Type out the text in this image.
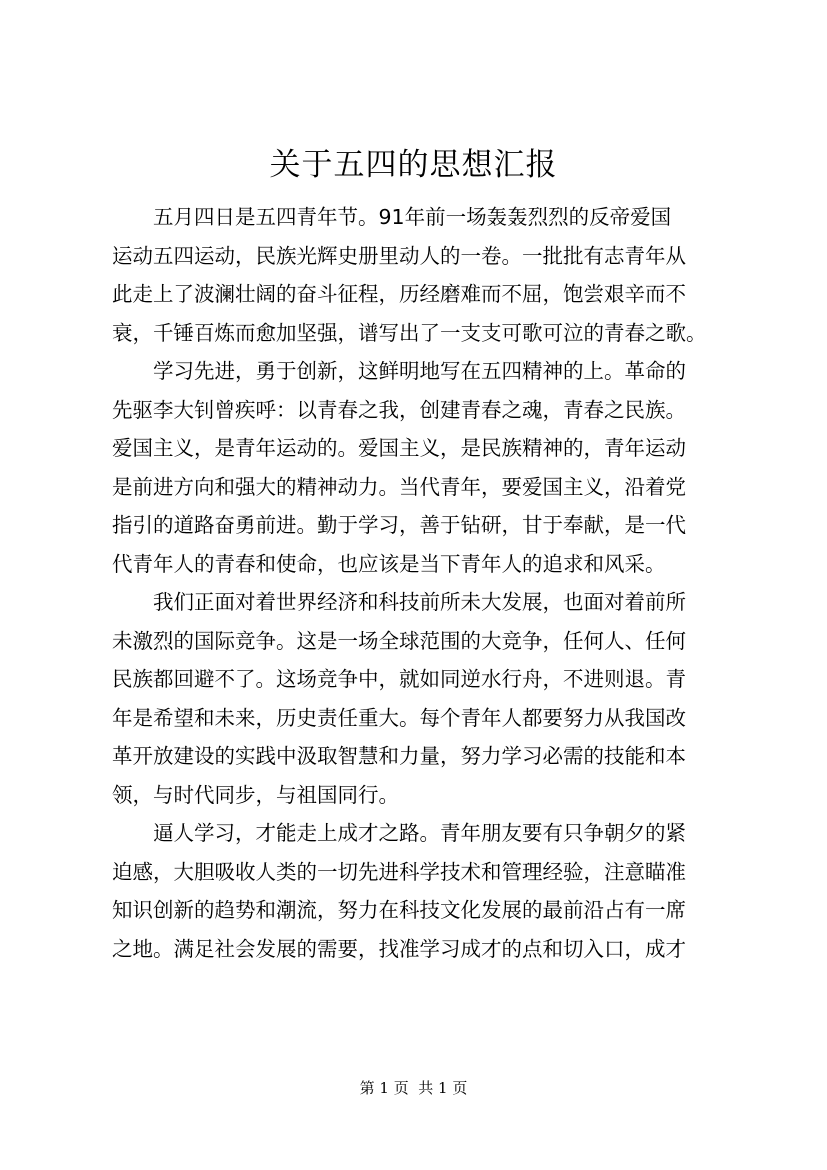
关于五四的思想汇报
　　五月四日是五四青年节。91年前一场轰轰烈烈的反帝爱国
运动五四运动，民族光辉史册里动人的一卷。一批批有志青年从
此走上了波澜壮阔的奋斗征程，历经磨难而不屈，饱尝艰辛而不
衰，千锤百炼而愈加坚强，谱写出了一支支可歌可泣的青春之歌。
　　学习先进，勇于创新，这鲜明地写在五四精神的上。革命的
先驱李大钊曾疾呼：以青春之我，创建青春之魂，青春之民族。
爱国主义，是青年运动的。爱国主义，是民族精神的，青年运动
是前进方向和强大的精神动力。当代青年，要爱国主义，沿着党
指引的道路奋勇前进。勤于学习，善于钻研，甘于奉献，是一代
代青年人的青春和使命，也应该是当下青年人的追求和风采。
　　我们正面对着世界经济和科技前所未大发展，也面对着前所
未激烈的国际竞争。这是一场全球范围的大竞争，任何人、任何
民族都回避不了。这场竞争中，就如同逆水行舟，不进则退。青
年是希望和未来，历史责任重大。每个青年人都要努力从我国改
革开放建设的实践中汲取智慧和力量，努力学习必需的技能和本
领，与时代同步，与祖国同行。
　　逼人学习，才能走上成才之路。青年朋友要有只争朝夕的紧
迫感，大胆吸收人类的一切先进科学技术和管理经验，注意瞄准
知识创新的趋势和潮流，努力在科技文化发展的最前沿占有一席
之地。满足社会发展的需要，找准学习成才的点和切入口，成才
第 1 页  共 1 页
